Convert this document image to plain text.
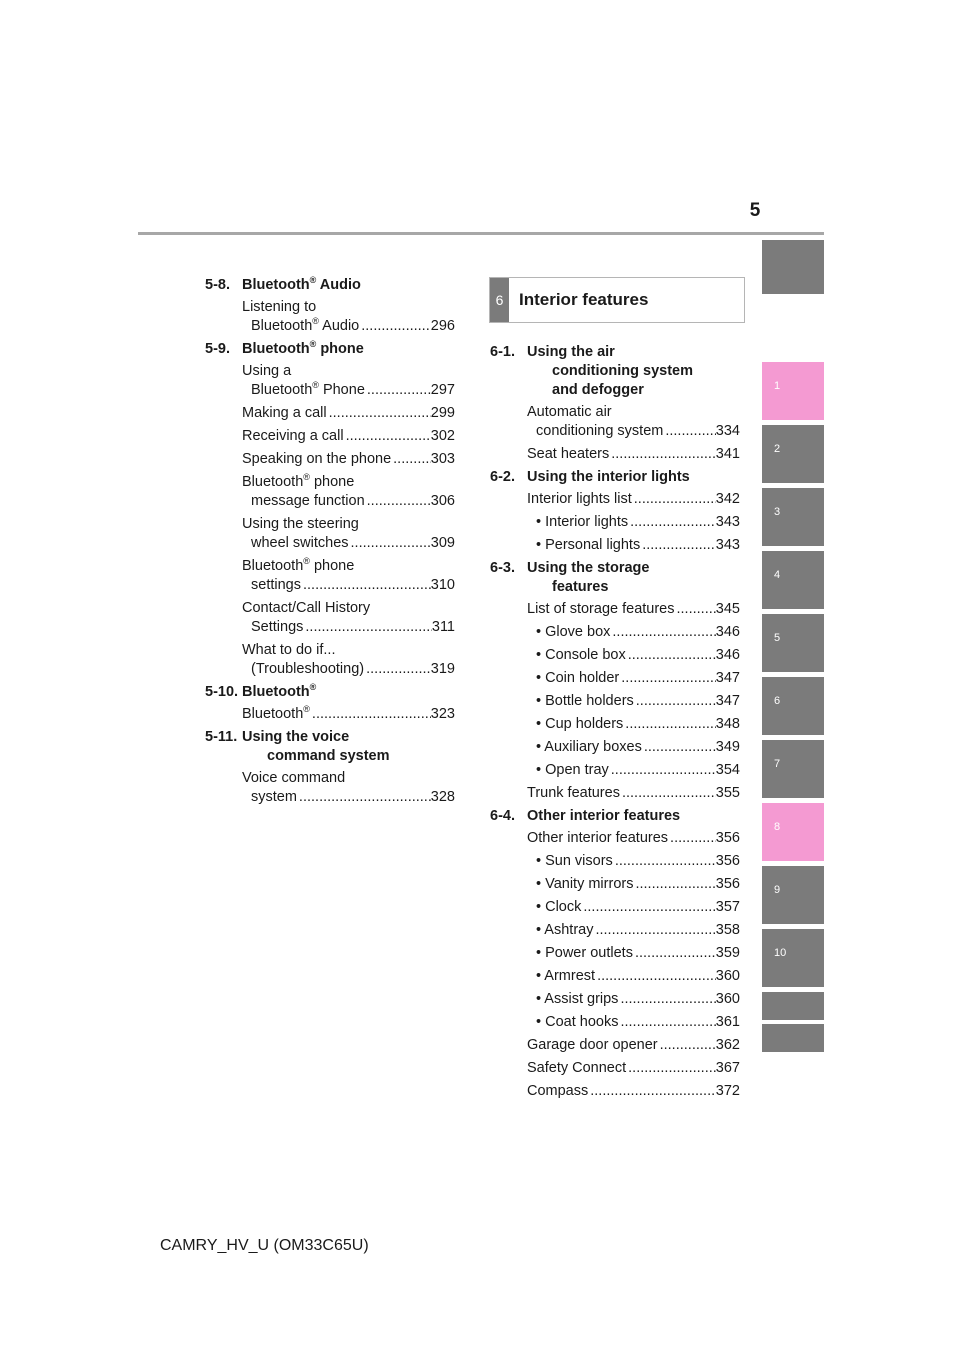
5
1
2
3
4
5
6
7
8
9
10
5-8. Bluetooth® Audio
Listening to
Bluetooth® Audio .....	296
5-9. Bluetooth® phone
Using a
Bluetooth® Phone .....	297
Making a call .....	299
Receiving a call .....	302
Speaking on the phone .....	303
Bluetooth® phone
message function .....	306
Using the steering
wheel switches .....	309
Bluetooth® phone
settings .....	310
Contact/Call History
Settings .....	311
What to do if...
(Troubleshooting) .....	319
5-10. Bluetooth®
Bluetooth® .....	323
5-11. Using the voice
command system
Voice command
system .....	328
6 Interior features
6-1. Using the air
conditioning system
and defogger
Automatic air
conditioning system .....	334
Seat heaters .....	341
6-2. Using the interior lights
Interior lights list .....	342
• Interior lights .....	343
• Personal lights .....	343
6-3. Using the storage
features
List of storage features .....	345
• Glove box .....	346
• Console box .....	346
• Coin holder .....	347
• Bottle holders .....	347
• Cup holders .....	348
• Auxiliary boxes .....	349
• Open tray .....	354
Trunk features .....	355
6-4. Other interior features
Other interior features .....	356
• Sun visors .....	356
• Vanity mirrors .....	356
• Clock .....	357
• Ashtray .....	358
• Power outlets .....	359
• Armrest .....	360
• Assist grips .....	360
• Coat hooks .....	361
Garage door opener .....	362
Safety Connect .....	367
Compass .....	372
CAMRY_HV_U (OM33C65U)
